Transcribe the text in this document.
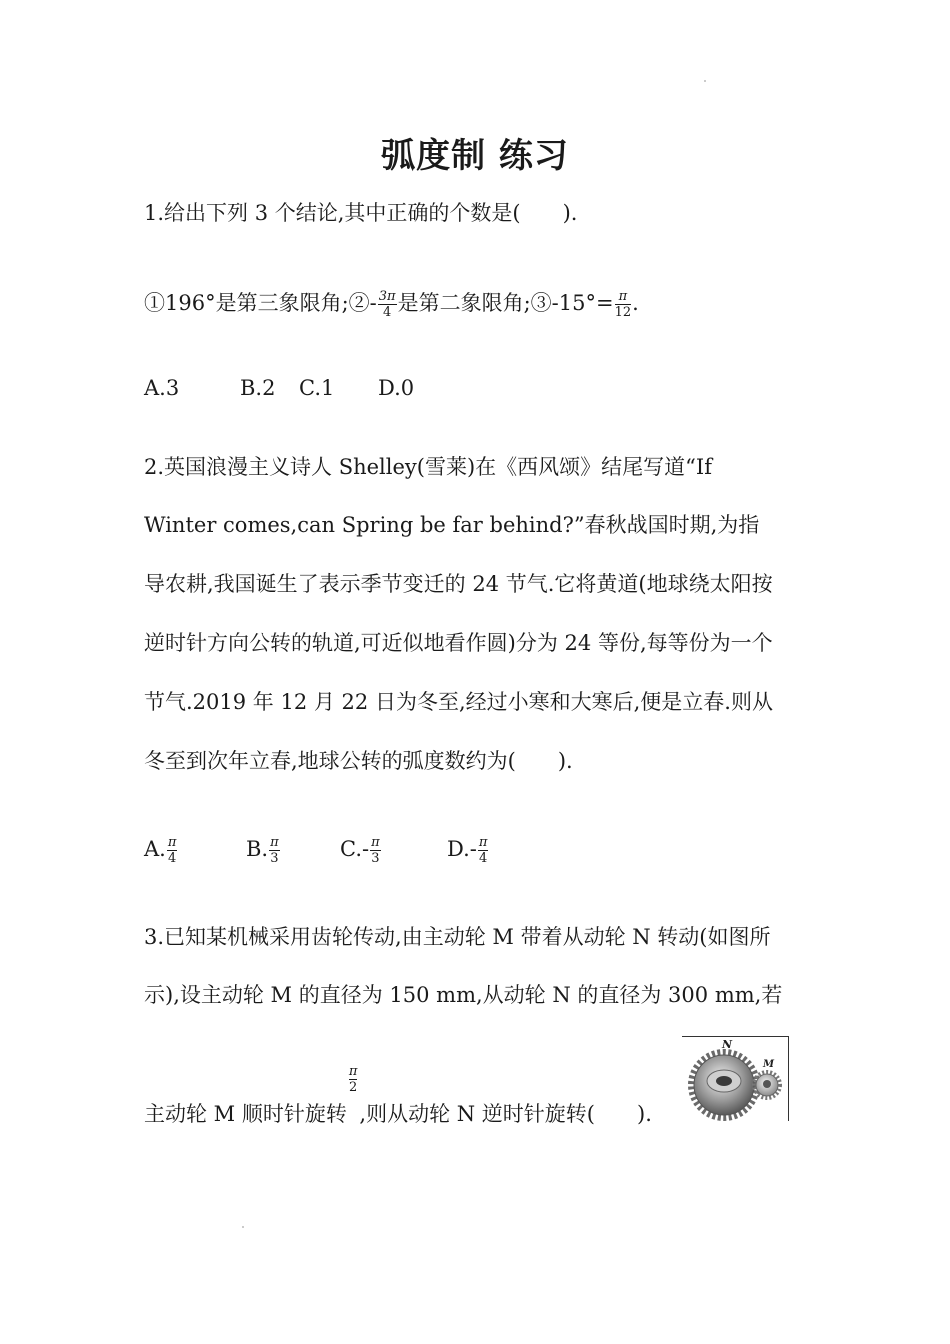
弧度制 练习
1.给出下列 3 个结论,其中正确的个数是(　　).
①196°是第三象限角;②- $\frac{3\pi}{4}$ 是第二象限角;③-15°= $\frac{\pi}{12}$ .
A.3	B.2 C.1 D.0
2.英国浪漫主义诗人 Shelley(雪莱)在《西风颂》结尾写道“If
Winter comes,can Spring be far behind?”春秋战国时期,为指
导农耕,我国诞生了表示季节变迁的 24 节气.它将黄道(地球绕太阳按
逆时针方向公转的轨道,可近似地看作圆)分为 24 等份,每等份为一个
节气.2019 年 12 月 22 日为冬至,经过小寒和大寒后,便是立春.则从
冬至到次年立春,地球公转的弧度数约为(　　).
A. $\frac{\pi}{4}$	B. $\frac{\pi}{3}$	$C.- \frac{\pi}{3}$	$D.- \frac{\pi}{4}$
3.已知某机械采用齿轮传动,由主动轮 M 带着从动轮 N 转动(如图所
示),设主动轮 M 的直径为 150 mm,从动轮 N 的直径为 300 mm,若
主动轮 M 顺时针旋转
$\frac{\pi}{2}$
,则从动轮 N 逆时针旋转(　　).
N
M
